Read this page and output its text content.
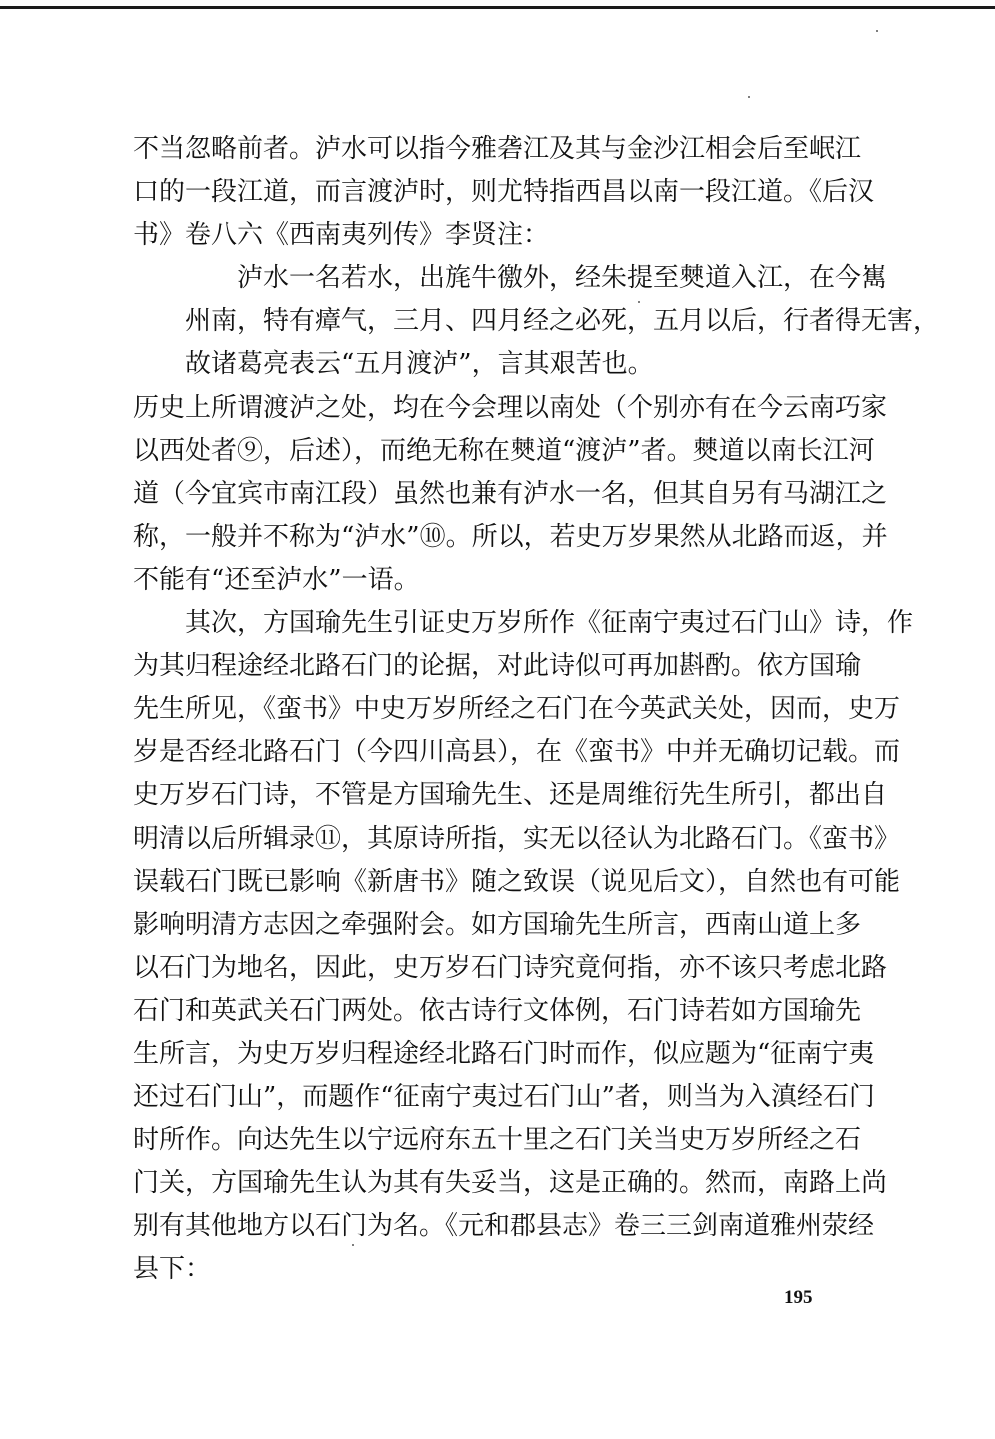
不当忽略前者。泸水可以指今雅砻江及其与金沙江相会后至岷江
口的一段江道，而言渡泸时，则尤特指西昌以南一段江道。《后汉
书》卷八六《西南夷列传》李贤注：
泸水一名若水，出旄牛徼外，经朱提至僰道入江，在今嶲
州南，特有瘴气，三月、四月经之必死，五月以后，行者得无害，
故诸葛亮表云“五月渡泸”，言其艰苦也。
历史上所谓渡泸之处，均在今会理以南处（个别亦有在今云南巧家
以西处者⑨，后述），而绝无称在僰道“渡泸”者。僰道以南长江河
道（今宜宾市南江段）虽然也兼有泸水一名，但其自另有马湖江之
称，一般并不称为“泸水”⑩。所以，若史万岁果然从北路而返，并
不能有“还至泸水”一语。
其次，方国瑜先生引证史万岁所作《征南宁夷过石门山》诗，作
为其归程途经北路石门的论据，对此诗似可再加斟酌。依方国瑜
先生所见，《蛮书》中史万岁所经之石门在今英武关处，因而，史万
岁是否经北路石门（今四川高县），在《蛮书》中并无确切记载。而
史万岁石门诗，不管是方国瑜先生、还是周维衍先生所引，都出自
明清以后所辑录⑪，其原诗所指，实无以径认为北路石门。《蛮书》
误载石门既已影响《新唐书》随之致误（说见后文），自然也有可能
影响明清方志因之牵强附会。如方国瑜先生所言，西南山道上多
以石门为地名，因此，史万岁石门诗究竟何指，亦不该只考虑北路
石门和英武关石门两处。依古诗行文体例，石门诗若如方国瑜先
生所言，为史万岁归程途经北路石门时而作，似应题为“征南宁夷
还过石门山”，而题作“征南宁夷过石门山”者，则当为入滇经石门
时所作。向达先生以宁远府东五十里之石门关当史万岁所经之石
门关，方国瑜先生认为其有失妥当，这是正确的。然而，南路上尚
别有其他地方以石门为名。《元和郡县志》卷三三剑南道雅州荥经
县下：
195
